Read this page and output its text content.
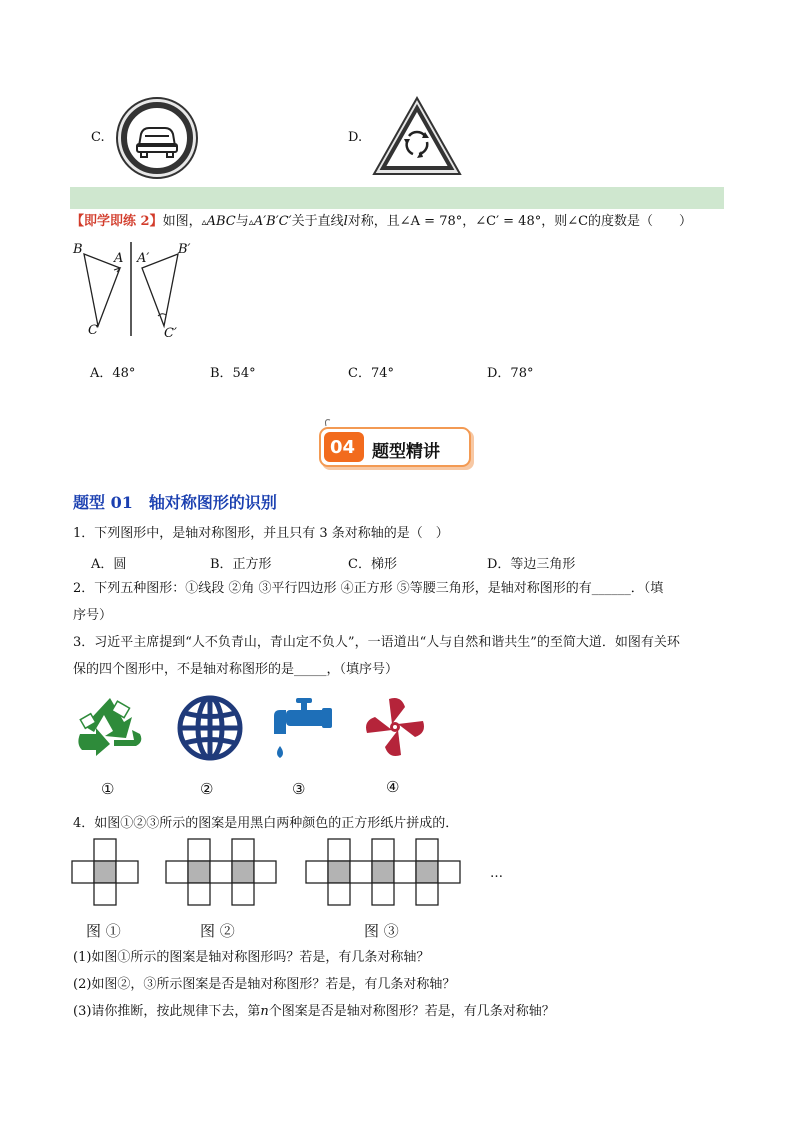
C.	D.
【即学即练 2】如图，▵ABC与▵A′B′C′关于直线l对称，且∠A = 78°，∠C′ = 48°，则∠C的度数是（　　）
B
A
C
A′
B′
C′
A．48°	B．54°	C．74°	D．78°
04 题型精讲
题型 01　轴对称图形的识别
1．下列图形中，是轴对称图形，并且只有 3 条对称轴的是（　）
A．圆	B．正方形	C．梯形	D．等边三角形
2．下列五种图形：①线段 ②角 ③平行四边形 ④正方形 ⑤等腰三角形，是轴对称图形的有______．（填
序号）
3．习近平主席提到“人不负青山，青山定不负人”，一语道出“人与自然和谐共生”的至简大道．如图有关环
保的四个图形中，不是轴对称图形的是_____，（填序号）
①	②	③	④
4．如图①②③所示的图案是用黑白两种颜色的正方形纸片拼成的．
…
图 ①	图 ②	图 ③
(1)如图①所示的图案是轴对称图形吗？若是，有几条对称轴？
(2)如图②，③所示图案是否是轴对称图形？若是，有几条对称轴？
(3)请你推断，按此规律下去，第n个图案是否是轴对称图形？若是，有几条对称轴？
